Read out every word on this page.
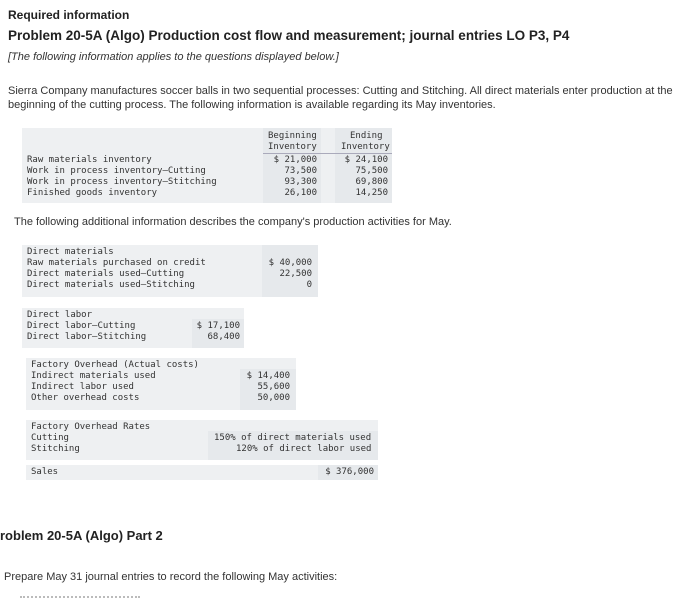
Required information
Problem 20-5A (Algo) Production cost flow and measurement; journal entries LO P3, P4
[The following information applies to the questions displayed below.]
Sierra Company manufactures soccer balls in two sequential processes: Cutting and Stitching. All direct materials enter production at the beginning of the cutting process. The following information is available regarding its May inventories.
Beginning
Inventory
Ending
Inventory
Raw materials inventory
Work in process inventory—Cutting
Work in process inventory—Stitching
Finished goods inventory
$ 21,000
73,500
93,300
26,100
$ 24,100
75,500
69,800
14,250
The following additional information describes the company's production activities for May.
Direct materials
Raw materials purchased on credit
Direct materials used—Cutting
Direct materials used—Stitching
$ 40,000
22,500
0
Direct labor
Direct labor—Cutting
Direct labor—Stitching
$ 17,100
68,400
Factory Overhead (Actual costs)
Indirect materials used
Indirect labor used
Other overhead costs
$ 14,400
55,600
50,000
Factory Overhead Rates
Cutting
Stitching
150% of direct materials used
120% of direct labor used
Sales	$ 376,000
roblem 20-5A (Algo) Part 2
Prepare May 31 journal entries to record the following May activities:
